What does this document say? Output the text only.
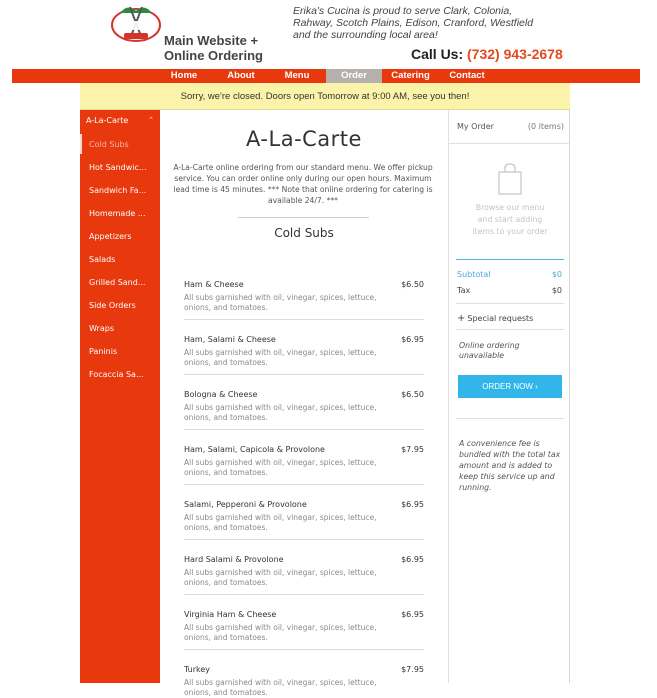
Main Website +
Online Ordering
Erika's Cucina is proud to serve Clark, Colonia, Rahway, Scotch Plains, Edison, Cranford, Westfield and the surrounding local area!
Call Us: (732) 943-2678
Home	About	Menu	Order	Catering	Contact
Sorry, we're closed. Doors open Tomorrow at 9:00 AM, see you then!
A-La-Carte	⌃
Cold Subs
Hot Sandwic...
Sandwich Fa...
Homemade ...
Appetizers
Salads
Grilled Sand...
Side Orders
Wraps
Paninis
Focaccia Sa...
A-La-Carte
A-La-Carte online ordering from our standard menu. We offer pickup service. You can order online only during our open hours. Maximum lead time is 45 minutes. *** Note that online ordering for catering is available 24/7. ***
Cold Subs
Ham & Cheese	$6.50
All subs garnished with oil, vinegar, spices, lettuce, onions, and tomatoes.
Ham, Salami & Cheese	$6.95
All subs garnished with oil, vinegar, spices, lettuce, onions, and tomatoes.
Bologna & Cheese	$6.50
All subs garnished with oil, vinegar, spices, lettuce, onions, and tomatoes.
Ham, Salami, Capicola & Provolone	$7.95
All subs garnished with oil, vinegar, spices, lettuce, onions, and tomatoes.
Salami, Pepperoni & Provolone	$6.95
All subs garnished with oil, vinegar, spices, lettuce, onions, and tomatoes.
Hard Salami & Provolone	$6.95
All subs garnished with oil, vinegar, spices, lettuce, onions, and tomatoes.
Virginia Ham & Cheese	$6.95
All subs garnished with oil, vinegar, spices, lettuce, onions, and tomatoes.
Turkey	$7.95
All subs garnished with oil, vinegar, spices, lettuce, onions, and tomatoes.
My Order	(0 items)
Browse our menu and start adding items to your order
Subtotal	$0
Tax	$0
+ Special requests
Online ordering unavailable
ORDER NOW ›
A convenience fee is bundled with the total tax amount and is added to keep this service up and running.
